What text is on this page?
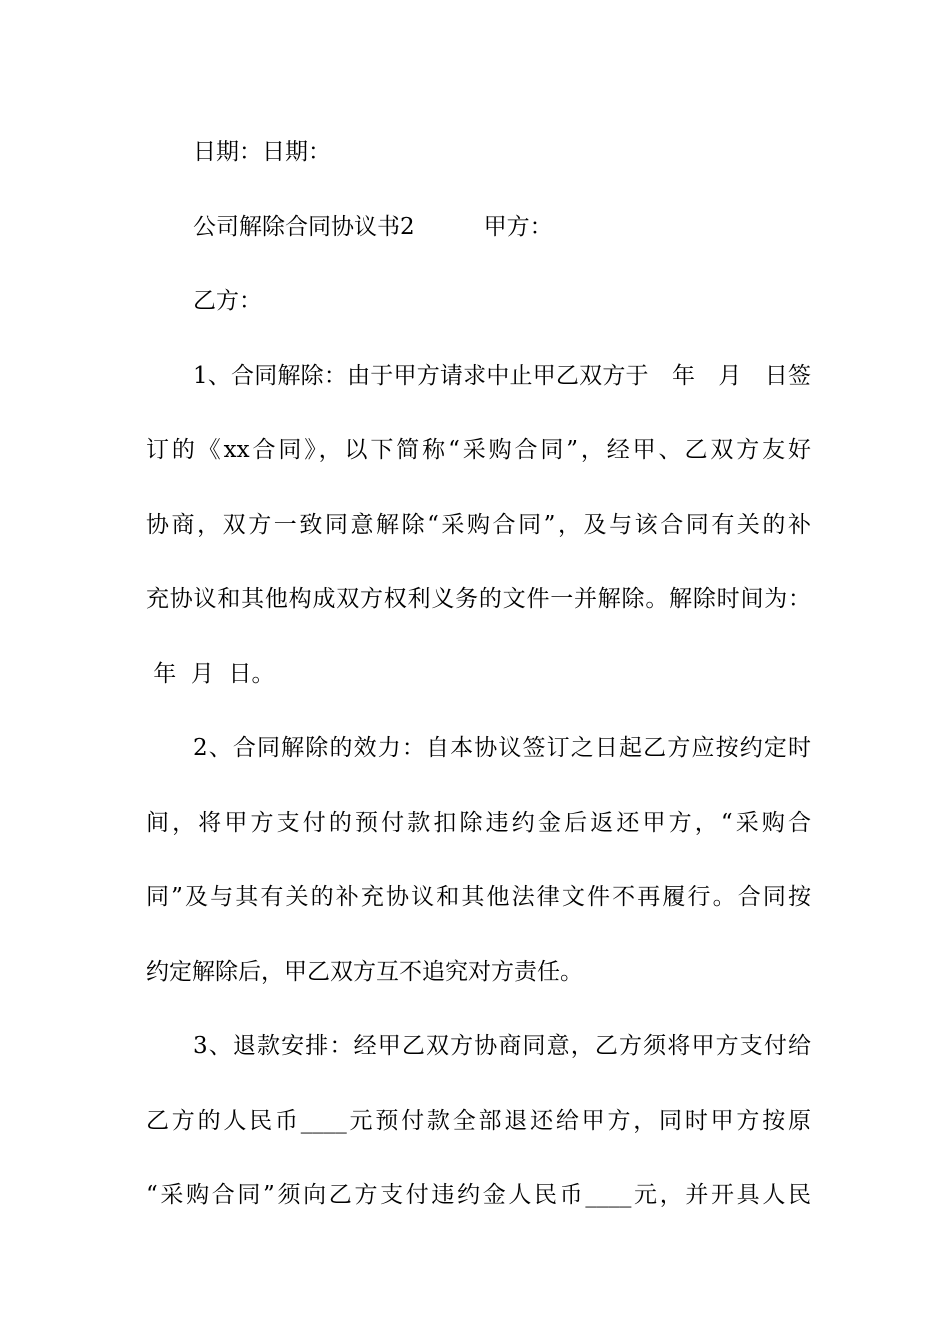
日期：日期：
公司解除合同协议书2　　　甲方：
乙方：
1、合同解除：由于甲方请求中止甲乙双方于　年　月　日签
订的《xx合同》，以下简称“采购合同”，经甲、乙双方友好
协商，双方一致同意解除“采购合同”，及与该合同有关的补
充协议和其他构成双方权利义务的文件一并解除。解除时间为：
年  月  日。
2、合同解除的效力：自本协议签订之日起乙方应按约定时
间，将甲方支付的预付款扣除违约金后返还甲方，“采购合
同”及与其有关的补充协议和其他法律文件不再履行。合同按
约定解除后，甲乙双方互不追究对方责任。
3、退款安排：经甲乙双方协商同意，乙方须将甲方支付给
乙方的人民币____元预付款全部退还给甲方，同时甲方按原
“采购合同”须向乙方支付违约金人民币____元，并开具人民
